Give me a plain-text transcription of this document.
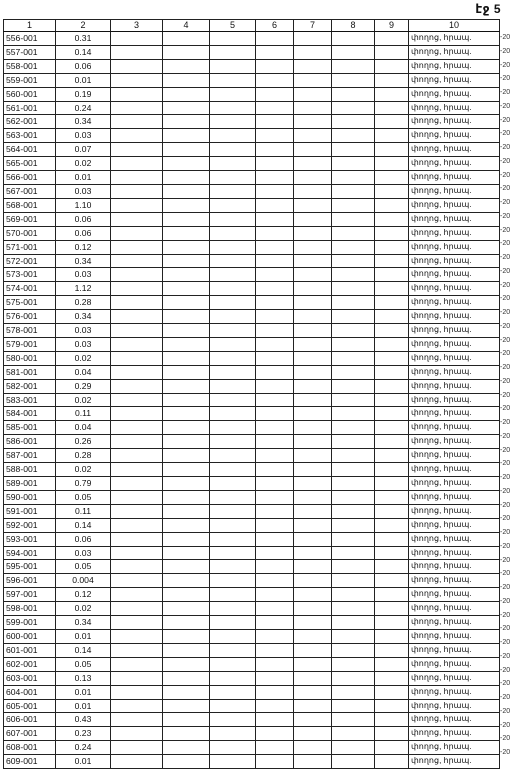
էջ 5
1	2	3	4	5	6	7	8	9	10
556-001	0.31								փողոց, հրապ.
557-001	0.14								փողոց, հրապ.
558-001	0.06								փողոց, հրապ.
559-001	0.01								փողոց, հրապ.
560-001	0.19								փողոց, հրապ.
561-001	0.24								փողոց, հրապ.
562-001	0.34								փողոց, հրապ.
563-001	0.03								փողոց, հրապ.
564-001	0.07								փողոց, հրապ.
565-001	0.02								փողոց, հրապ.
566-001	0.01								փողոց, հրապ.
567-001	0.03								փողոց, հրապ.
568-001	1.10								փողոց, հրապ.
569-001	0.06								փողոց, հրապ.
570-001	0.06								փողոց, հրապ.
571-001	0.12								փողոց, հրապ.
572-001	0.34								փողոց, հրապ.
573-001	0.03								փողոց, հրապ.
574-001	1.12								փողոց, հրապ.
575-001	0.28								փողոց, հրապ.
576-001	0.34								փողոց, հրապ.
578-001	0.03								փողոց, հրապ.
579-001	0.03								փողոց, հրապ.
580-001	0.02								փողոց, հրապ.
581-001	0.04								փողոց, հրապ.
582-001	0.29								փողոց, հրապ.
583-001	0.02								փողոց, հրապ.
584-001	0.11								փողոց, հրապ.
585-001	0.04								փողոց, հրապ.
586-001	0.26								փողոց, հրապ.
587-001	0.28								փողոց, հրապ.
588-001	0.02								փողոց, հրապ.
589-001	0.79								փողոց, հրապ.
590-001	0.05								փողոց, հրապ.
591-001	0.11								փողոց, հրապ.
592-001	0.14								փողոց, հրապ.
593-001	0.06								փողոց, հրապ.
594-001	0.03								փողոց, հրապ.
595-001	0.05								փողոց, հրապ.
596-001	0.004								փողոց, հրապ.
597-001	0.12								փողոց, հրապ.
598-001	0.02								փողոց, հրապ.
599-001	0.34								փողոց, հրապ.
600-001	0.01								փողոց, հրապ.
601-001	0.14								փողոց, հրապ.
602-001	0.05								փողոց, հրապ.
603-001	0.13								փողոց, հրապ.
604-001	0.01								փողոց, հրապ.
605-001	0.01								փողոց, հրապ.
606-001	0.43								փողոց, հրապ.
607-001	0.23								փողոց, հրապ.
608-001	0.24								փողոց, հրապ.
609-001	0.01								փողոց, հրապ.
-20
-20
-20
-20
-20
-20
-20
-20
-20
-20
-20
-20
-20
-20
-20
-20
-20
-20
-20
-20
-20
-20
-20
-20
-20
-20
-20
-20
-20
-20
-20
-20
-20
-20
-20
-20
-20
-20
-20
-20
-20
-20
-20
-20
-20
-20
-20
-20
-20
-20
-20
-20
-20
